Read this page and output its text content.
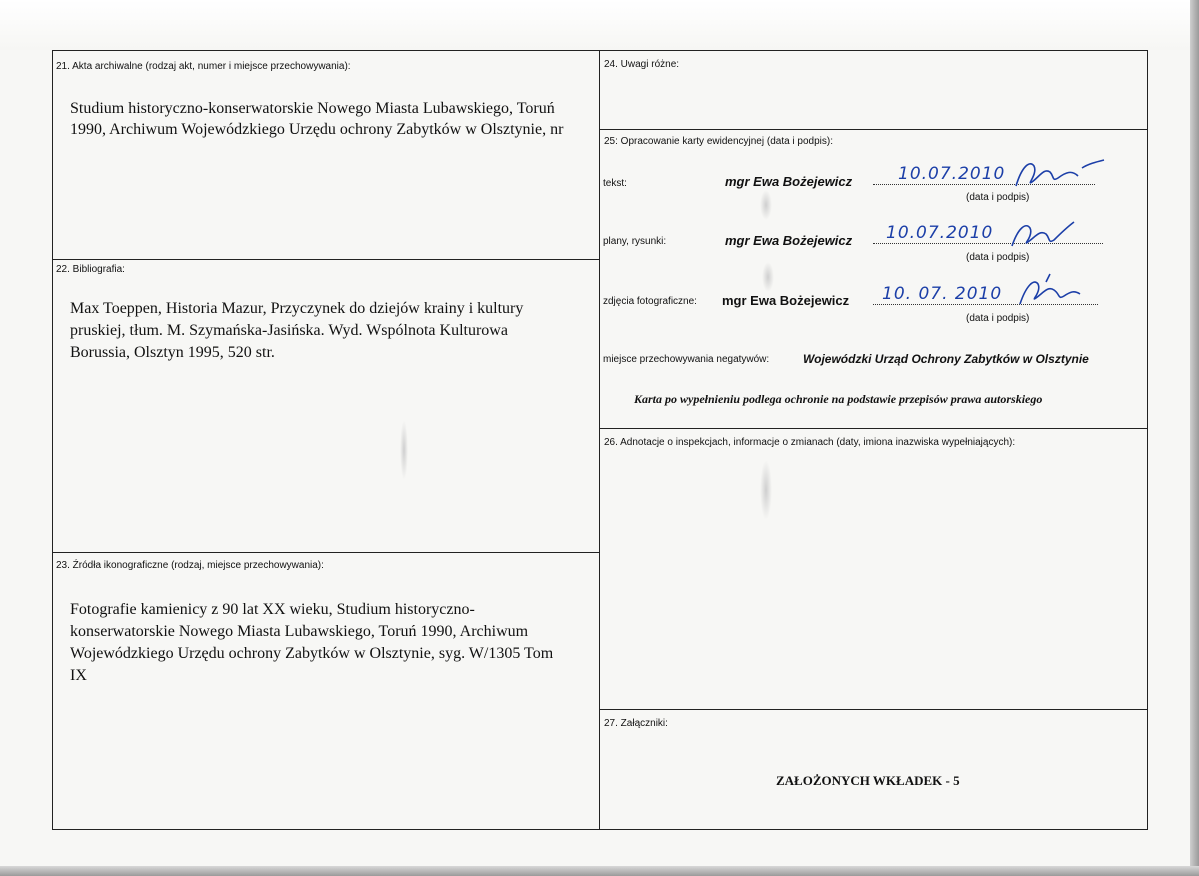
21. Akta archiwalne (rodzaj akt, numer i miejsce przechowywania):
Studium historyczno-konserwatorskie Nowego Miasta Lubawskiego, Toruń
1990, Archiwum Wojewódzkiego Urzędu ochrony Zabytków w Olsztynie, nr
22. Bibliografia:
Max Toeppen, Historia Mazur, Przyczynek do dziejów krainy i kultury
pruskiej, tłum. M. Szymańska-Jasińska. Wyd. Wspólnota Kulturowa
Borussia, Olsztyn 1995, 520 str.
23. Źródła ikonograficzne (rodzaj, miejsce przechowywania):
Fotografie kamienicy z 90 lat XX wieku, Studium historyczno-
konserwatorskie Nowego Miasta Lubawskiego, Toruń 1990, Archiwum
Wojewódzkiego Urzędu ochrony Zabytków w Olsztynie, syg. W/1305 Tom
IX
24. Uwagi różne:
25: Opracowanie karty ewidencyjnej (data i podpis):
tekst:	mgr Ewa Bożejewicz	10.07.2010
(data i podpis)
plany, rysunki:	mgr Ewa Bożejewicz 10.07.2010
(data i podpis)
zdjęcia fotograficzne: mgr Ewa Bożejewicz 10. 07. 2010
(data i podpis)
miejsce przechowywania negatywów:	Wojewódzki Urząd Ochrony Zabytków w Olsztynie
Karta po wypełnieniu podlega ochronie na podstawie przepisów prawa autorskiego
26. Adnotacje o inspekcjach, informacje o zmianach (daty, imiona inazwiska wypełniających):
27. Załączniki:
ZAŁOŻONYCH WKŁADEK - 5
